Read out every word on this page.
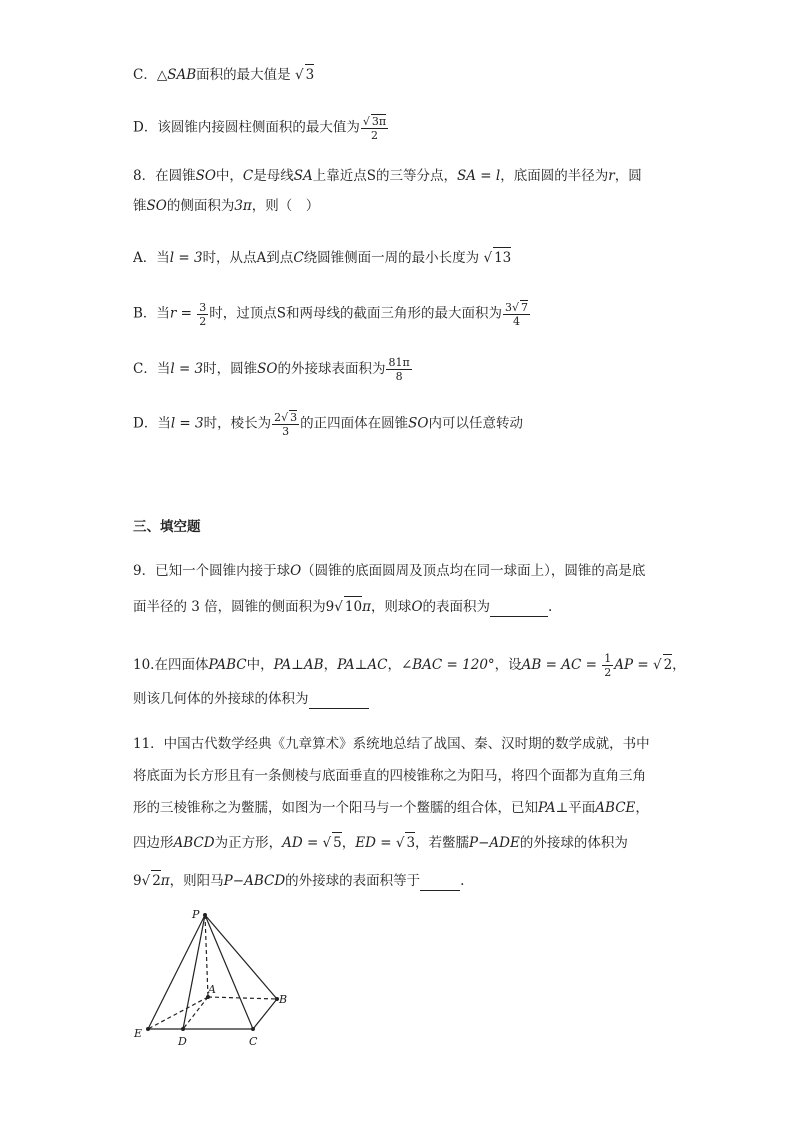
C．△SAB面积的最大值是 √ 3
D．该圆锥内接圆柱侧面积的最大值为 $\frac{√ 3\pi}{2}$
8．在圆锥SO中，C是母线SA上靠近点S的三等分点，SA = l，底面圆的半径为r，圆
锥SO的侧面积为3π，则（　）
A．当l = 3时，从点A到点C绕圆锥侧面一周的最小长度为 √ 13
B．当$r = \frac{3}{2}$ 时，过顶点S和两母线的截面三角形的最大面积为 $\frac{3√ 7}{4}$
C．当l = 3时，圆锥SO的外接球表面积为 $\frac{81\pi}{8}$
D．当l = 3时，棱长为 $\frac{2√ 3}{3}$ 的正四面体在圆锥SO内可以任意转动
三、填空题
9．已知一个圆锥内接于球O（圆锥的底面圆周及顶点均在同一球面上），圆锥的高是底
面半径的 3 倍，圆锥的侧面积为9√ 10π，则球O的表面积为	.
10.在四面体PABC中，PA⊥AB，PA⊥AC，∠BAC = 120°，设AB = AC = $\frac{1}{2}$ AP = √ 2，
则该几何体的外接球的体积为
11．中国古代数学经典《九章算术》系统地总结了战国、秦、汉时期的数学成就，书中
将底面为长方形且有一条侧棱与底面垂直的四棱锥称之为阳马，将四个面都为直角三角
形的三棱锥称之为鳖臑，如图为一个阳马与一个鳖臑的组合体，已知PA⊥平面ABCE，
四边形ABCD为正方形，AD = √ 5，ED = √ 3，若鳖臑P−ADE的外接球的体积为
9√ 2π，则阳马P−ABCD的外接球的表面积等于	.
P
A
B
C
D
E
